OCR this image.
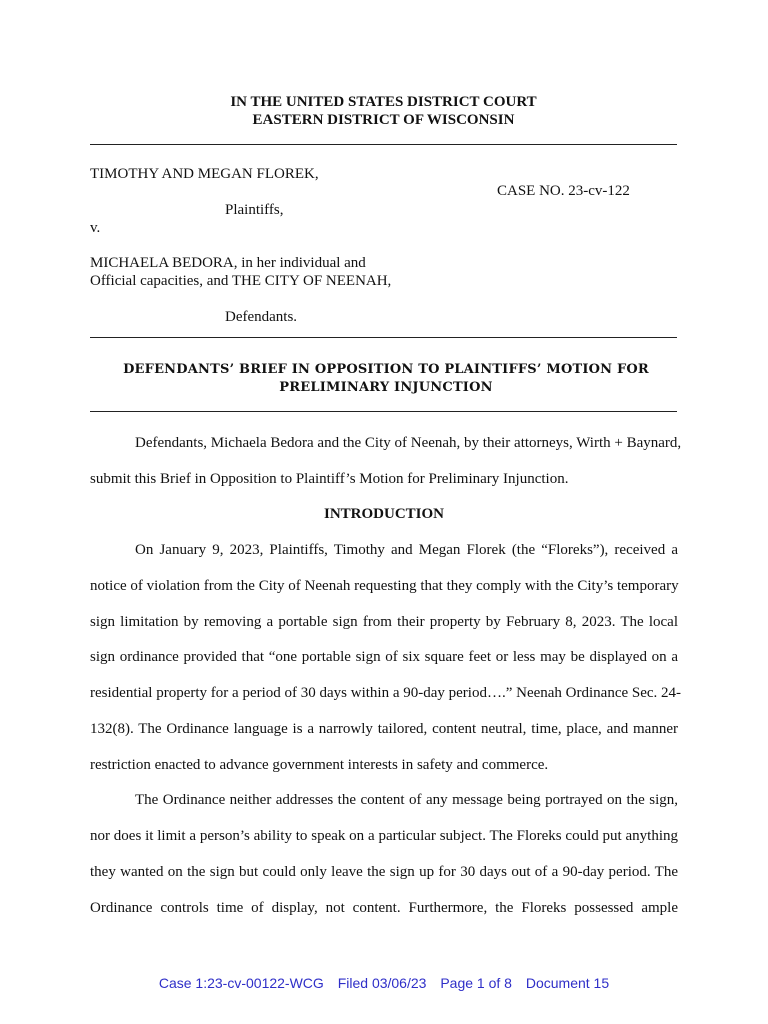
IN THE UNITED STATES DISTRICT COURT
EASTERN DISTRICT OF WISCONSIN
TIMOTHY AND MEGAN FLOREK,
CASE NO. 23-cv-122
Plaintiffs,
v.
MICHAELA BEDORA, in her individual and
Official capacities, and THE CITY OF NEENAH,
Defendants.
DEFENDANTS’ BRIEF IN OPPOSITION TO PLAINTIFFS’ MOTION FOR
PRELIMINARY INJUNCTION
Defendants, Michaela Bedora and the City of Neenah, by their attorneys, Wirth + Baynard,
submit this Brief in Opposition to Plaintiff’s Motion for Preliminary Injunction.
INTRODUCTION
On January 9, 2023, Plaintiffs, Timothy and Megan Florek (the “Floreks”), received a
notice of violation from the City of Neenah requesting that they comply with the City’s temporary
sign limitation by removing a portable sign from their property by February 8, 2023. The local
sign ordinance provided that “one portable sign of six square feet or less may be displayed on a
residential property for a period of 30 days within a 90-day period….” Neenah Ordinance Sec. 24-
132(8). The Ordinance language is a narrowly tailored, content neutral, time, place, and manner
restriction enacted to advance government interests in safety and commerce.
The Ordinance neither addresses the content of any message being portrayed on the sign,
nor does it limit a person’s ability to speak on a particular subject. The Floreks could put anything
they wanted on the sign but could only leave the sign up for 30 days out of a 90-day period. The
Ordinance controls time of display, not content. Furthermore, the Floreks possessed ample
Case 1:23-cv-00122-WCG Filed 03/06/23 Page 1 of 8 Document 15
